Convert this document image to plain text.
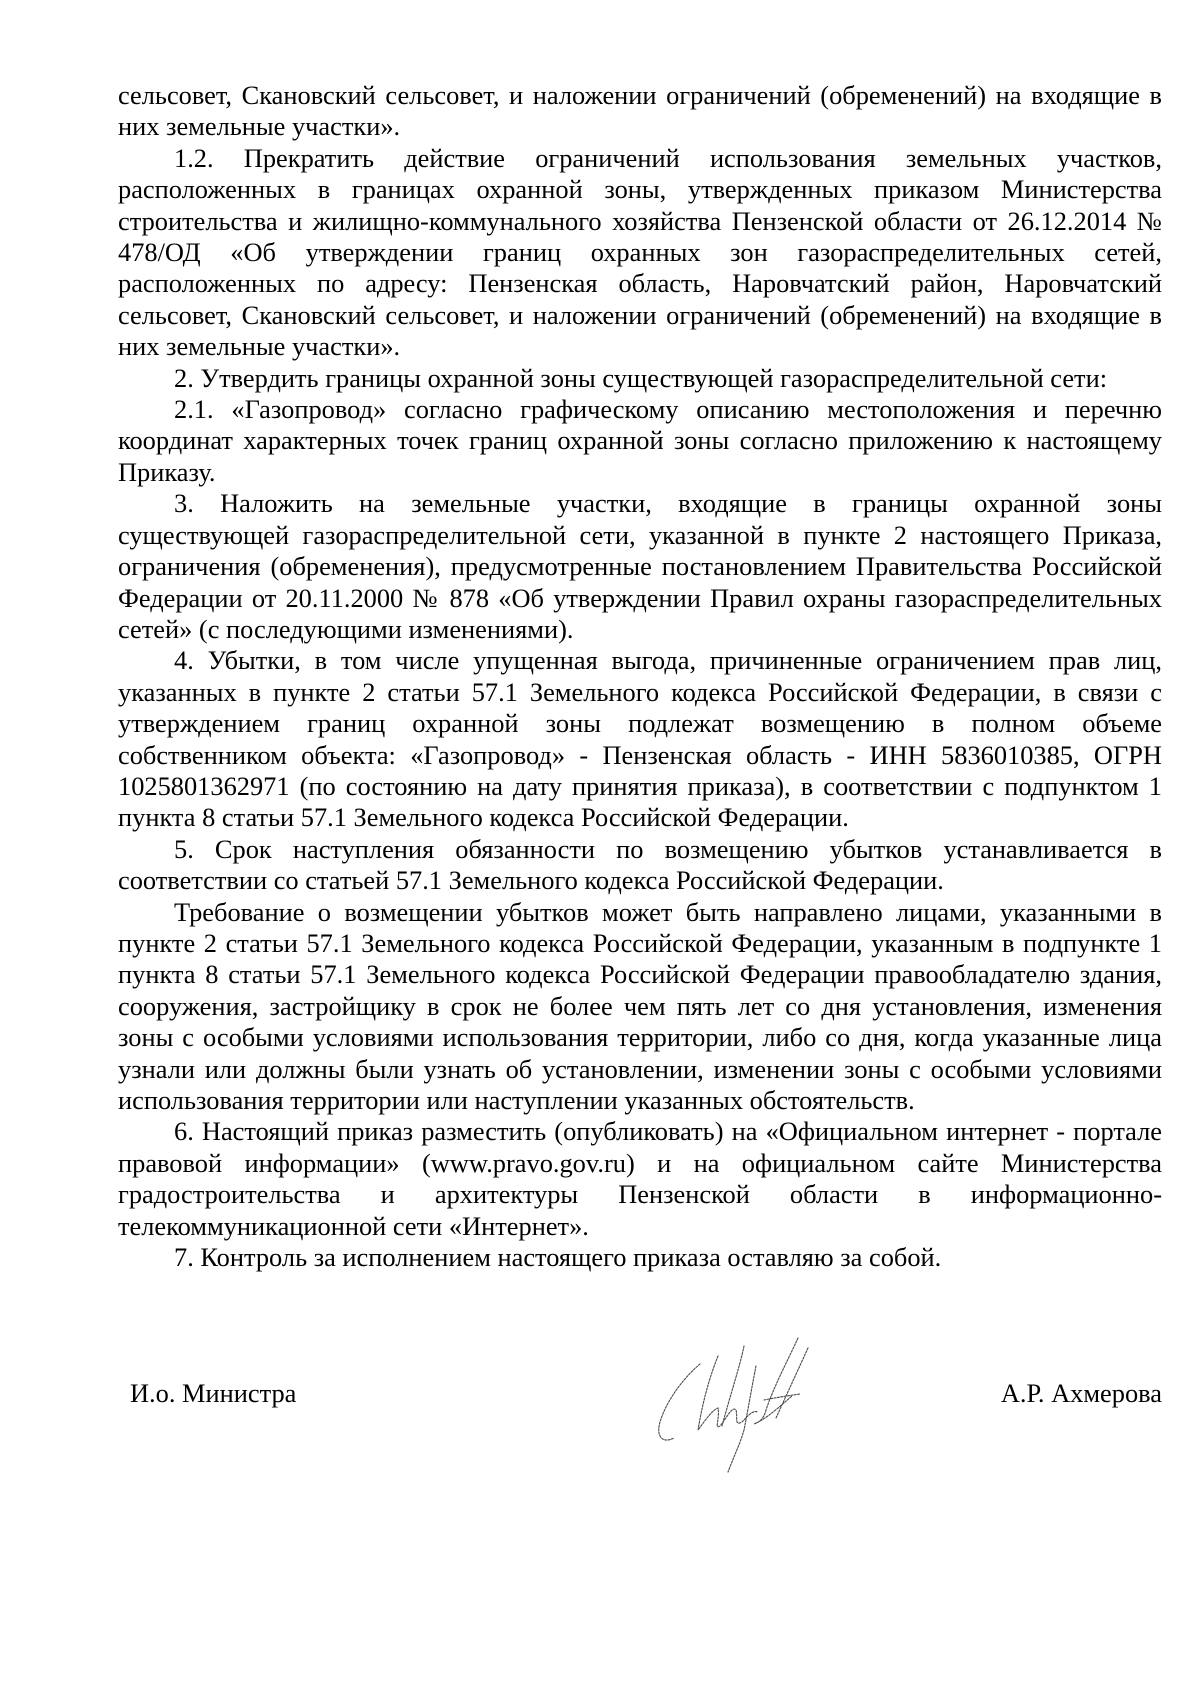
сельсовет, Скановский сельсовет, и наложении ограничений (обременений) на входящие в них земельные участки».

1.2. Прекратить действие ограничений использования земельных участков, расположенных в границах охранной зоны, утвержденных приказом Министерства строительства и жилищно-коммунального хозяйства Пензенской области от 26.12.2014 № 478/ОД «Об утверждении границ охранных зон газораспределительных сетей, расположенных по адресу: Пензенская область, Наровчатский район, Наровчатский сельсовет, Скановский сельсовет, и наложении ограничений (обременений) на входящие в них земельные участки».

2. Утвердить границы охранной зоны существующей газораспределительной сети:

2.1. «Газопровод» согласно графическому описанию местоположения и перечню координат характерных точек границ охранной зоны согласно приложению к настоящему Приказу.

3. Наложить на земельные участки, входящие в границы охранной зоны существующей газораспределительной сети, указанной в пункте 2 настоящего Приказа, ограничения (обременения), предусмотренные постановлением Правительства Российской Федерации от 20.11.2000 № 878 «Об утверждении Правил охраны газораспределительных сетей» (с последующими изменениями).

4. Убытки, в том числе упущенная выгода, причиненные ограничением прав лиц, указанных в пункте 2 статьи 57.1 Земельного кодекса Российской Федерации, в связи с утверждением границ охранной зоны подлежат возмещению в полном объеме собственником объекта: «Газопровод» - Пензенская область - ИНН 5836010385, ОГРН 1025801362971 (по состоянию на дату принятия приказа), в соответствии с подпунктом 1 пункта 8 статьи 57.1 Земельного кодекса Российской Федерации.

5. Срок наступления обязанности по возмещению убытков устанавливается в соответствии со статьей 57.1 Земельного кодекса Российской Федерации.

Требование о возмещении убытков может быть направлено лицами, указанными в пункте 2 статьи 57.1 Земельного кодекса Российской Федерации, указанным в подпункте 1 пункта 8 статьи 57.1 Земельного кодекса Российской Федерации правообладателю здания, сооружения, застройщику в срок не более чем пять лет со дня установления, изменения зоны с особыми условиями использования территории, либо со дня, когда указанные лица узнали или должны были узнать об установлении, изменении зоны с особыми условиями использования территории или наступлении указанных обстоятельств.

6. Настоящий приказ разместить (опубликовать) на «Официальном интернет - портале правовой информации» (www.pravo.gov.ru) и на официальном сайте Министерства градостроительства и архитектуры Пензенской области в информационно-телекоммуникационной сети «Интернет».

7. Контроль за исполнением настоящего приказа оставляю за собой.

И.о. Министра	А.Р. Ахмерова
